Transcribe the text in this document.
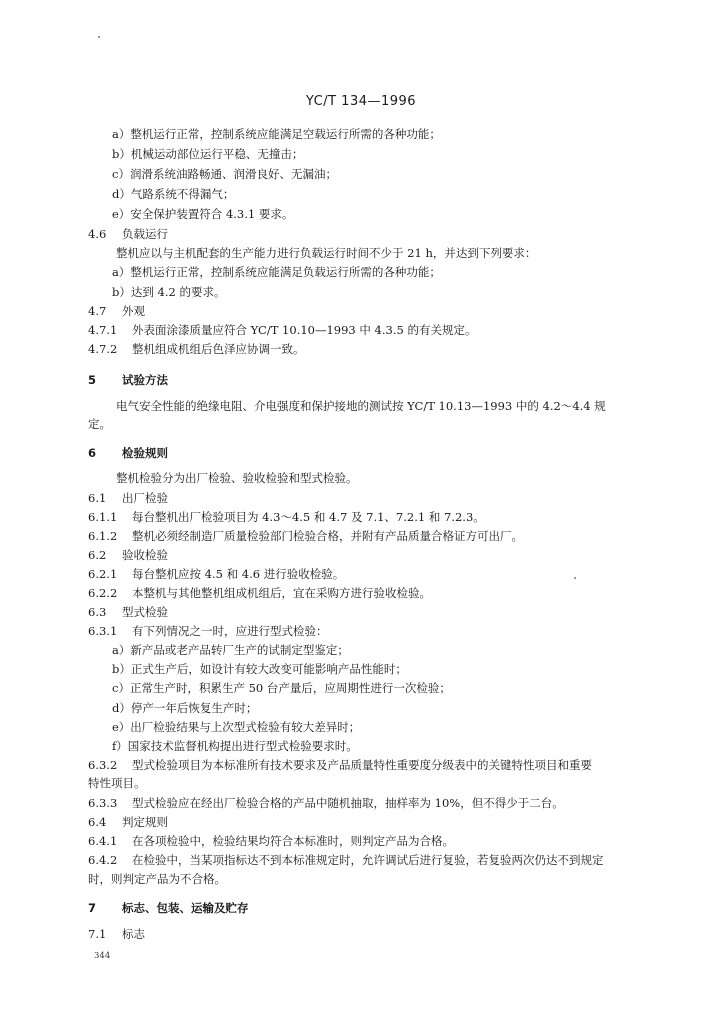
YC/T 134—1996
a）整机运行正常，控制系统应能满足空载运行所需的各种功能；
b）机械运动部位运行平稳、无撞击；
c）润滑系统油路畅通、润滑良好、无漏油；
d）气路系统不得漏气；
e）安全保护装置符合 4.3.1 要求。
4.6 负载运行
整机应以与主机配套的生产能力进行负载运行时间不少于 21 h，并达到下列要求：
a）整机运行正常，控制系统应能满足负载运行所需的各种功能；
b）达到 4.2 的要求。
4.7 外观
4.7.1 外表面涂漆质量应符合 YC/T 10.10—1993 中 4.3.5 的有关规定。
4.7.2 整机组成机组后色泽应协调一致。
5 试验方法
电气安全性能的绝缘电阻、介电强度和保护接地的测试按 YC/T 10.13—1993 中的 4.2～4.4 规
定。
6 检验规则
整机检验分为出厂检验、验收检验和型式检验。
6.1 出厂检验
6.1.1 每台整机出厂检验项目为 4.3～4.5 和 4.7 及 7.1、7.2.1 和 7.2.3。
6.1.2 整机必须经制造厂质量检验部门检验合格，并附有产品质量合格证方可出厂。
6.2 验收检验
6.2.1 每台整机应按 4.5 和 4.6 进行验收检验。
6.2.2 本整机与其他整机组成机组后，宜在采购方进行验收检验。
6.3 型式检验
6.3.1 有下列情况之一时，应进行型式检验：
a）新产品或老产品转厂生产的试制定型鉴定；
b）正式生产后，如设计有较大改变可能影响产品性能时；
c）正常生产时，积累生产 50 台产量后，应周期性进行一次检验；
d）停产一年后恢复生产时；
e）出厂检验结果与上次型式检验有较大差异时；
f）国家技术监督机构提出进行型式检验要求时。
6.3.2 型式检验项目为本标准所有技术要求及产品质量特性重要度分级表中的关键特性项目和重要
特性项目。
6.3.3 型式检验应在经出厂检验合格的产品中随机抽取，抽样率为 10%，但不得少于二台。
6.4 判定规则
6.4.1 在各项检验中，检验结果均符合本标准时，则判定产品为合格。
6.4.2 在检验中，当某项指标达不到本标准规定时，允许调试后进行复验，若复验两次仍达不到规定
时，则判定产品为不合格。
7 标志、包装、运输及贮存
7.1 标志
344
